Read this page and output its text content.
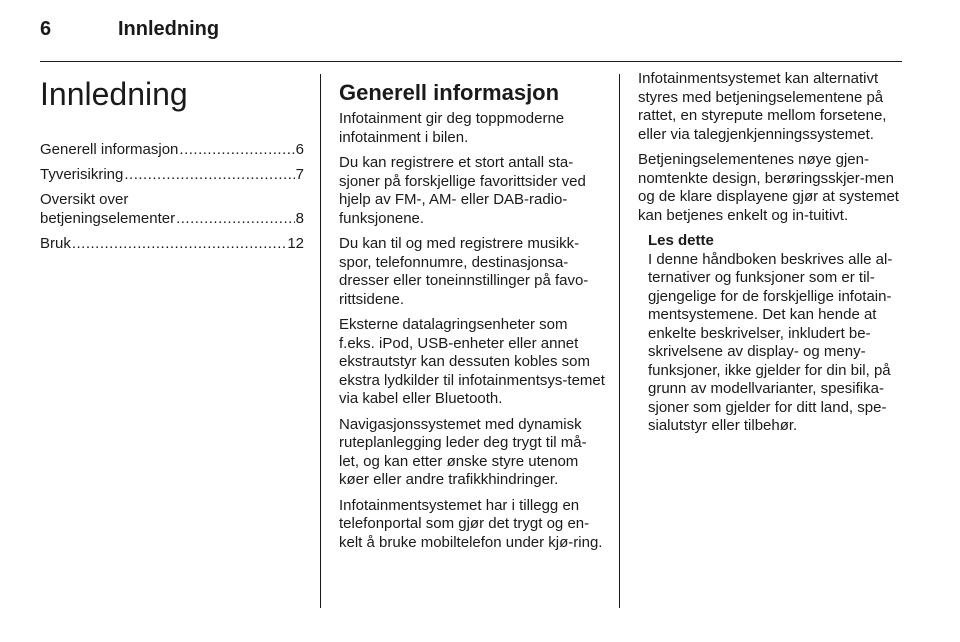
6	Innledning
Innledning
Generell informasjon .....	6
Tyverisikring .....	7
Oversikt over
betjeningselementer .....	8
Bruk .....	12
Generell informasjon

Infotainment gir deg toppmoderne infotainment i bilen.

Du kan registrere et stort antall sta-sjoner på forskjellige favorittsider ved hjelp av FM-, AM- eller DAB-radio-funksjonene.

Du kan til og med registrere musikk-spor, telefonnumre, destinasjonsa-dresser eller toneinnstillinger på favo-rittsidene.

Eksterne datalagringsenheter som f.eks. iPod, USB-enheter eller annet ekstrautstyr kan dessuten kobles som ekstra lydkilder til infotainmentsys-temet via kabel eller Bluetooth.

Navigasjonssystemet med dynamisk ruteplanlegging leder deg trygt til må-let, og kan etter ønske styre utenom køer eller andre trafikkhindringer.

Infotainmentsystemet har i tillegg en telefonportal som gjør det trygt og en-kelt å bruke mobiltelefon under kjø-ring.

Infotainmentsystemet kan alternativt styres med betjeningselementene på rattet, en styrepute mellom forsetene, eller via talegjenkjenningssystemet.

Betjeningselementenes nøye gjen-nomtenkte design, berøringsskjer-men og de klare displayene gjør at systemet kan betjenes enkelt og in-tuitivt.

Les dette

I denne håndboken beskrives alle al-ternativer og funksjoner som er til-gjengelige for de forskjellige infotain-mentsystemene. Det kan hende at enkelte beskrivelser, inkludert be-skrivelsene av display- og meny-funksjoner, ikke gjelder for din bil, på grunn av modellvarianter, spesifika-sjoner som gjelder for ditt land, spe-sialutstyr eller tilbehør.
